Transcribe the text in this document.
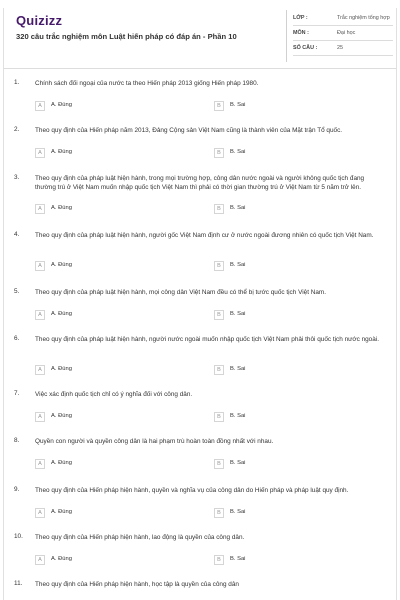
Quizizz
320 câu trắc nghiệm môn Luật hiến pháp có đáp án - Phần 10
LỚP :	Trắc nghiệm tổng hợp
MÔN :	Đại học
SỐ CÂU :	25
1. Chính sách đối ngoại của nước ta theo Hiến pháp 2013 giống Hiến pháp 1980.
A	A. Đúng	B	B. Sai
2. Theo quy định của Hiến pháp năm 2013, Đảng Cộng sản Việt Nam cũng là thành viên của Mặt trận Tổ quốc.
A	A. Đúng	B	B. Sai
3. Theo quy định của pháp luật hiện hành, trong mọi trường hợp, công dân nước ngoài và người không quốc tịch đang thường trú ở Việt Nam muốn nhập quốc tịch Việt Nam thì phải có thời gian thường trú ở Việt Nam từ 5 năm trở lên.
A	A. Đúng	B	B. Sai
4. Theo quy định của pháp luật hiện hành, người gốc Việt Nam định cư ở nước ngoài đương nhiên có quốc tịch Việt Nam.
A	A. Đúng	B	B. Sai
5. Theo quy định của pháp luật hiện hành, mọi công dân Việt Nam đều có thể bị tước quốc tịch Việt Nam.
A	A. Đúng	B	B. Sai
6. Theo quy định của pháp luật hiện hành, người nước ngoài muốn nhập quốc tịch Việt Nam phải thôi quốc tịch nước ngoài.
A	A. Đúng	B	B. Sai
7. Việc xác định quốc tịch chỉ có ý nghĩa đối với công dân.
A	A. Đúng	B	B. Sai
8. Quyền con người và quyền công dân là hai phạm trù hoàn toàn đồng nhất với nhau.
A	A. Đúng	B	B. Sai
9. Theo quy định của Hiến pháp hiện hành, quyền và nghĩa vụ của công dân do Hiến pháp và pháp luật quy định.
A	A. Đúng	B	B. Sai
10. Theo quy định của Hiến pháp hiện hành, lao động là quyền của công dân.
A	A. Đúng	B	B. Sai
11. Theo quy định của Hiến pháp hiện hành, học tập là quyền của công dân
